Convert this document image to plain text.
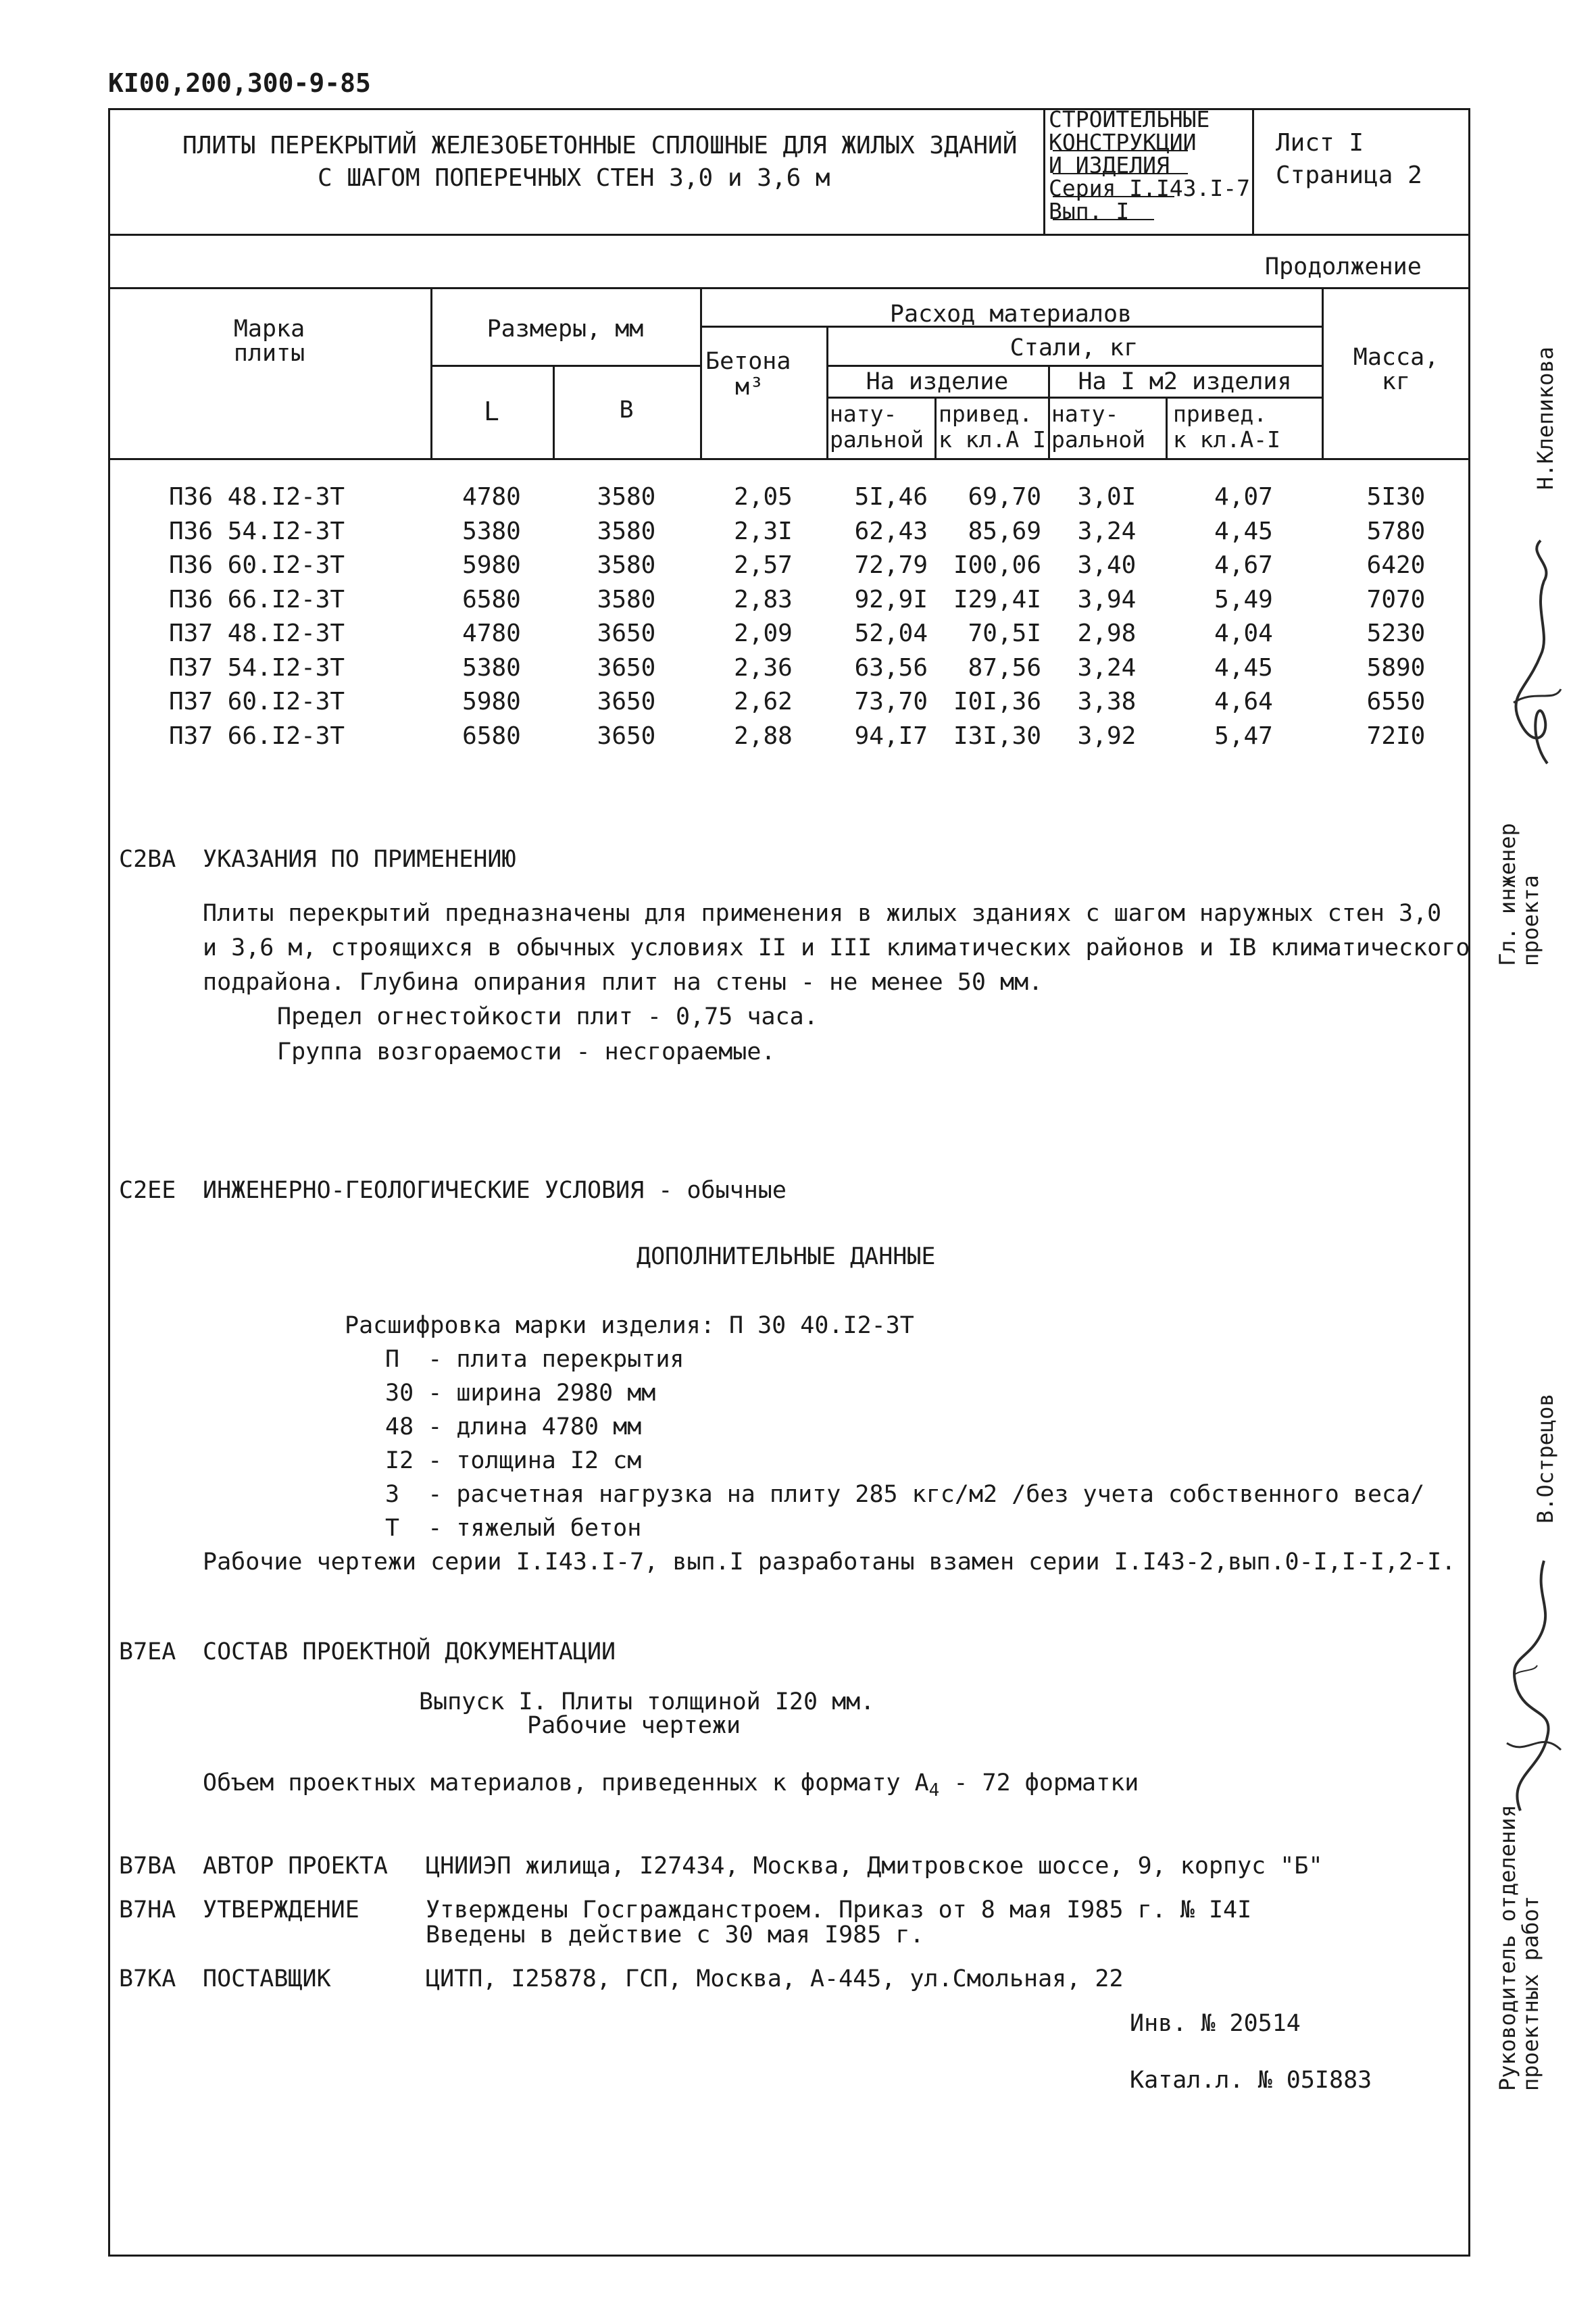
КI00,200,300-9-85
ПЛИТЫ ПЕРЕКРЫТИЙ ЖЕЛЕЗОБЕТОННЫЕ СПЛОШНЫЕ ДЛЯ ЖИЛЫХ ЗДАНИЙ
С ШАГОМ ПОПЕРЕЧНЫХ СТЕН 3,0 и 3,6 м
СТРОИТЕЛЬНЫЕ
КОНСТРУКЦИИ
И ИЗДЕЛИЯ
Серия I.I43.I-7
Вып. I
Лист I
Страница 2
Продолжение
Марка
плиты
Размеры, мм
L	B
Расход материалов
Бетона
м³
Стали, кг
На изделие	На I м2 изделия
нату-
ральной
привед.
к кл.А I
нату-
ральной
привед.
к кл.А-I
Масса,
кг
П36 48.I2-3Т	4780	3580	2,05	5I,46	69,70	3,0I	4,07	5I30
П36 54.I2-3Т	5380	3580	2,3I	62,43	85,69	3,24	4,45	5780
П36 60.I2-3Т	5980	3580	2,57	72,79	I00,06	3,40	4,67	6420
П36 66.I2-3Т	6580	3580	2,83	92,9I	I29,4I	3,94	5,49	7070
П37 48.I2-3Т	4780	3650	2,09	52,04	70,5I	2,98	4,04	5230
П37 54.I2-3Т	5380	3650	2,36	63,56	87,56	3,24	4,45	5890
П37 60.I2-3Т	5980	3650	2,62	73,70	I0I,36	3,38	4,64	6550
П37 66.I2-3Т	6580	3650	2,88	94,I7	I3I,30	3,92	5,47	72I0
С2ВА УКАЗАНИЯ ПО ПРИМЕНЕНИЮ
Плиты перекрытий предназначены для применения в жилых зданиях с шагом наружных стен 3,0
и 3,6 м, строящихся в обычных условиях II и III климатических районов и IВ климатического
подрайона. Глубина опирания плит на стены - не менее 50 мм.
Предел огнестойкости плит - 0,75 часа.
Группа возгораемости - несгораемые.
С2ЕЕ ИНЖЕНЕРНО-ГЕОЛОГИЧЕСКИЕ УСЛОВИЯ - обычные
ДОПОЛНИТЕЛЬНЫЕ ДАННЫЕ
Расшифровка марки изделия: П 30 40.I2-3Т
П  - плита перекрытия
30 - ширина 2980 мм
48 - длина 4780 мм
I2 - толщина I2 см
3  - расчетная нагрузка на плиту 285 кгс/м2 /без учета собственного веса/
Т  - тяжелый бетон
Рабочие чертежи серии I.I43.I-7, вып.I разработаны взамен серии I.I43-2,вып.0-I,I-I,2-I.
В7ЕА СОСТАВ ПРОЕКТНОЙ ДОКУМЕНТАЦИИ
Выпуск I. Плиты толщиной I20 мм.
Рабочие чертежи
Объем проектных материалов, приведенных к формату $А_4 - 72$ форматки
В7ВА АВТОР ПРОЕКТА ЦНИИЭП жилища, I27434, Москва, Дмитровское шоссе, 9, корпус "Б"
В7НА УТВЕРЖДЕНИЕ	Утверждены Госгражданстроем. Приказ от 8 мая I985 г. № I4I
Введены в действие с 30 мая I985 г.
В7КА ПОСТАВЩИК	ЦИТП, I25878, ГСП, Москва, А-445, ул.Смольная, 22
Инв. № 20514
Катал.л. № 05I883
Н.Клепикова
Гл. инженер
проекта
В.Острецов
Руководитель отделения
проектных работ
